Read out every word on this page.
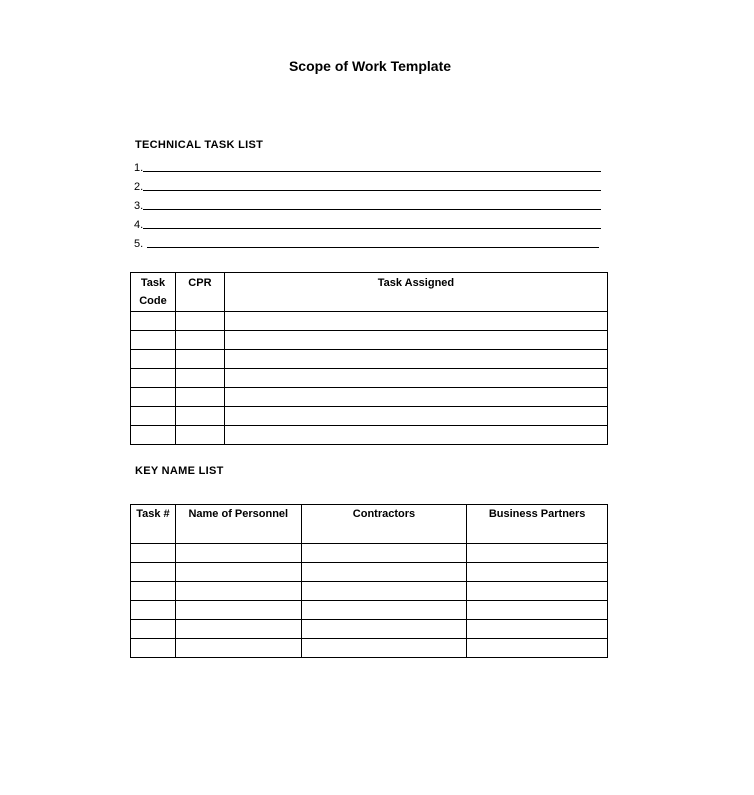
Scope of Work Template
TECHNICAL TASK LIST
1.
2.
3.
4.
5.
Task Code	CPR	Task Assigned

KEY NAME LIST
Task #	Name of Personnel	Contractors	Business Partners
